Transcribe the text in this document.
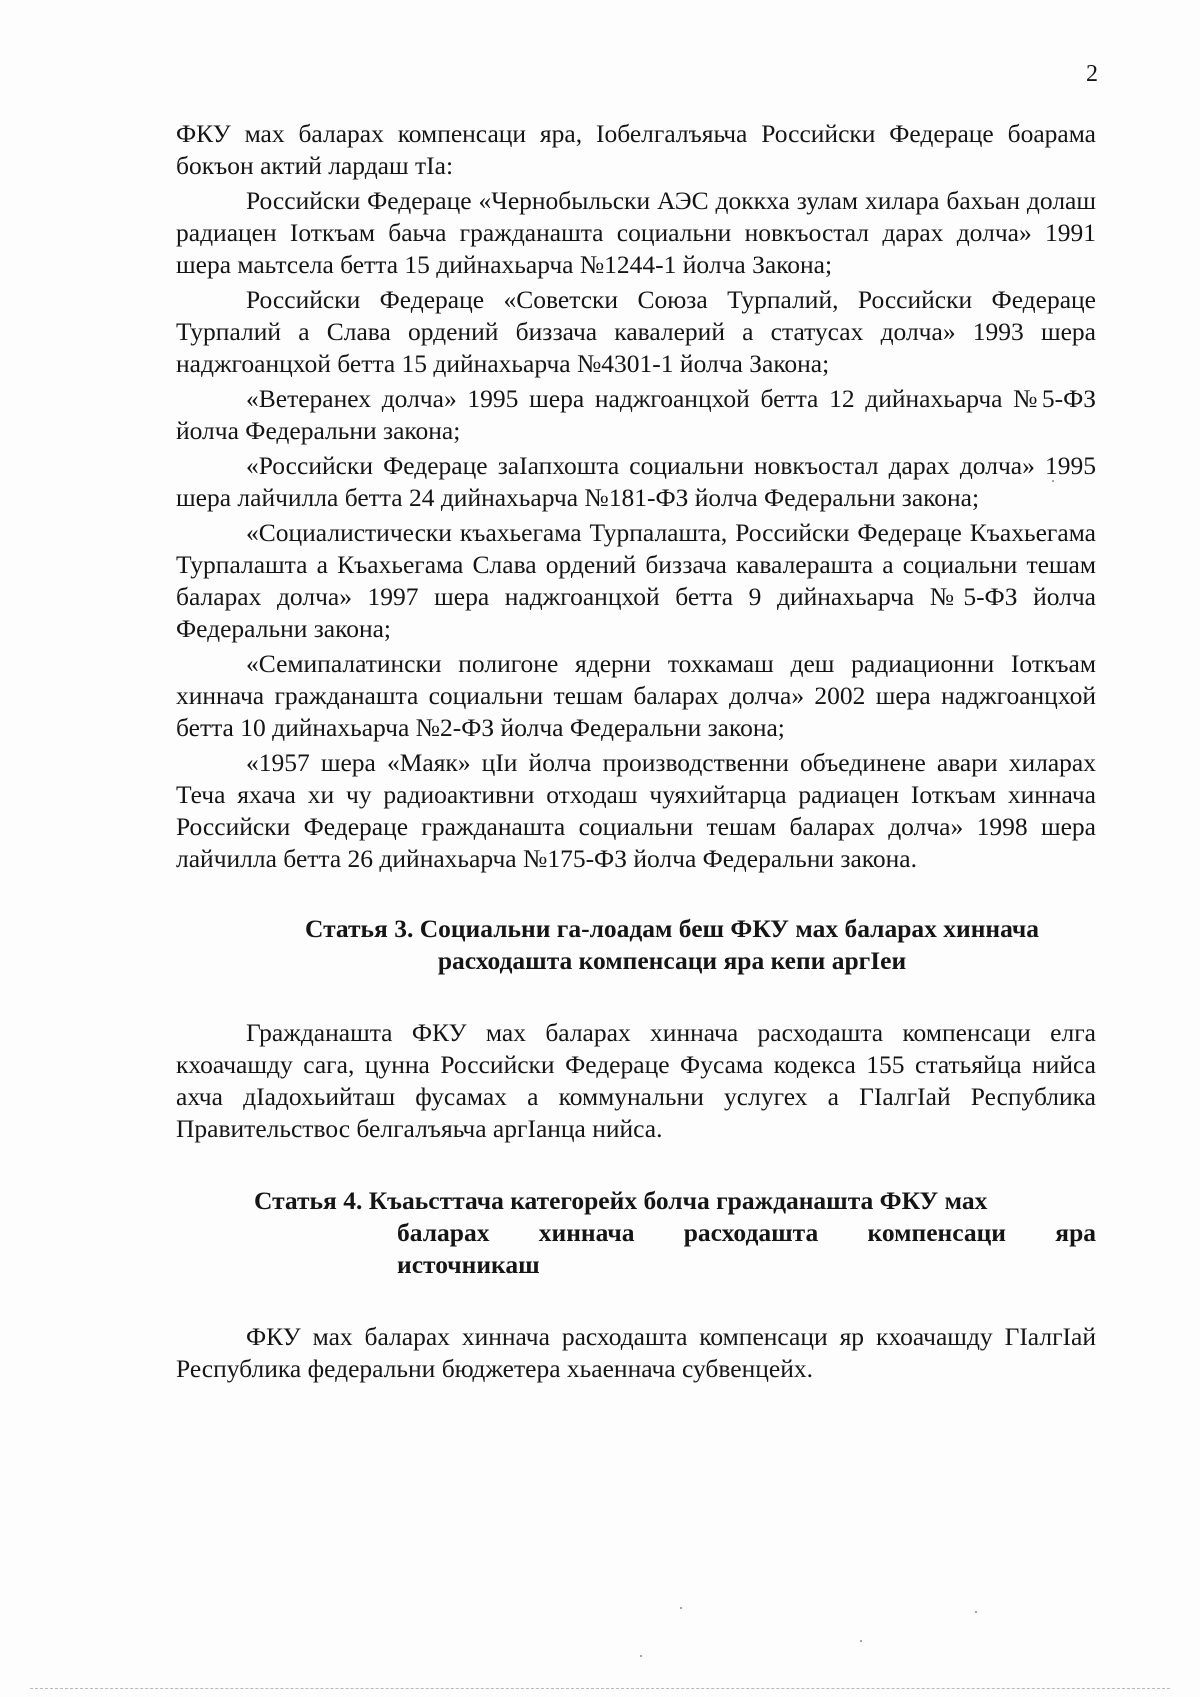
2

ФКУ мах баларах компенсаци яра, Іобелгалъяьча Российски Федераце боарама бокъон актий лардаш тІа:

Российски Федераце «Чернобыльски АЭС доккха зулам хилара бахьан долаш радиацен Іоткъам баьча гражданашта социальни новкъостал дарах долча» 1991 шера маьтсела бетта 15 дийнахьарча №1244-1 йолча Закона;

Российски Федераце «Советски Союза Турпалий, Российски Федераце Турпалий а Слава ордений биззача кавалерий а статусах долча» 1993 шера наджгоанцхой бетта 15 дийнахьарча №4301-1 йолча Закона;

«Ветеранех долча» 1995 шера наджгоанцхой бетта 12 дийнахьарча №5-ФЗ йолча Федеральни закона;

«Российски Федераце заІапхошта социальни новкъостал дарах долча» 1995 шера лайчилла бетта 24 дийнахьарча №181-ФЗ йолча Федеральни закона;

«Социалистически къахьегама Турпалашта, Российски Федераце Къахьегама Турпалашта а Къахьегама Слава ордений биззача кавалерашта а социальни тешам баларах долча» 1997 шера наджгоанцхой бетта 9 дийнахьарча №5-ФЗ йолча Федеральни закона;

«Семипалатински полигоне ядерни тохкамаш деш радиационни Іоткъам хиннача гражданашта социальни тешам баларах долча» 2002 шера наджгоанцхой бетта 10 дийнахьарча №2-ФЗ йолча Федеральни закона;

«1957 шера «Маяк» цІи йолча производственни объединене авари хиларах Теча яхача хи чу радиоактивни отходаш чуяхийтарца радиацен Іоткъам хиннача Российски Федераце гражданашта социальни тешам баларах долча» 1998 шера лайчилла бетта 26 дийнахьарча №175-ФЗ йолча Федеральни закона.

Статья 3. Социальни га-лоадам беш ФКУ мах баларах хиннача
расходашта компенсаци яра кепи аргІеи

Гражданашта ФКУ мах баларах хиннача расходашта компенсаци елга кхоачашду сага, цунна Российски Федераце Фусама кодекса 155 статьяйца нийса ахча дІадохьийташ фусамах а коммунальни услугех а ГІалгІай Республика Правительствос белгалъяьча аргІанца нийса.

Статья 4. Къаьсттача категорейх болча гражданашта ФКУ мах
баларах хиннача расходашта компенсаци яра
источникаш

ФКУ мах баларах хиннача расходашта компенсаци яр кхоачашду ГІалгІай Республика федеральни бюджетера хьаеннача субвенцейх.
